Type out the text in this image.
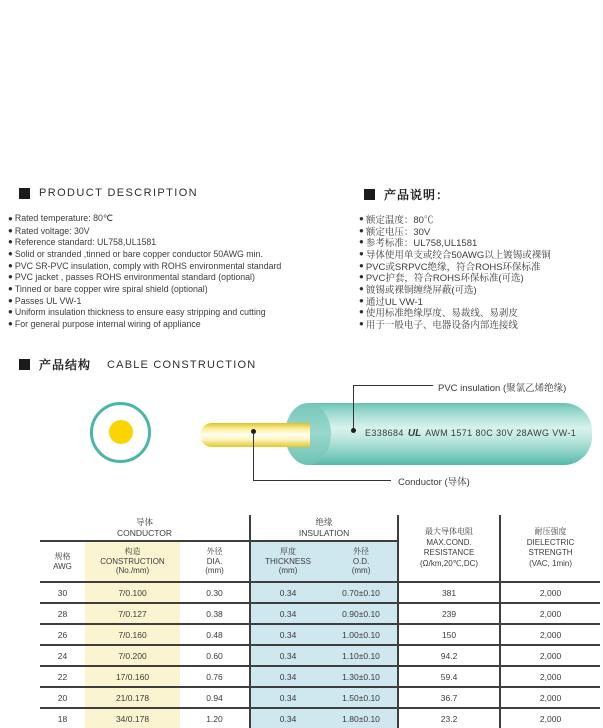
PRODUCT DESCRIPTION	产品说明：
● Rated temperature: 80℃
● Rated voltage: 30V
● Reference standard: UL758,UL1581
● Solid or stranded ,tinned or bare copper conductor 50AWG min.
● PVC SR-PVC insulation, comply with ROHS environmental standard
● PVC jacket , passes ROHS environmental standard (optional)
● Tinned or bare copper wire spiral shield (optional)
● Passes UL VW-1
● Uniform insulation thickness to ensure easy stripping and cutting
● For general purpose internal wiring of appliance
● 额定温度：80℃
● 额定电压：30V
● 参考标准：UL758,UL1581
● 导体使用单支或绞合50AWG以上镀锡或裸铜
● PVC或SRPVC绝缘，符合ROHS环保标准
● PVC护套，符合ROHS环保标准(可选)
● 镀锡或裸铜缠绕屏蔽(可选)
● 通过UL VW-1
● 使用标准绝缘厚度、易裁线、易剥皮
● 用于一般电子、电器设备内部连接线
产品结构 CABLE CONSTRUCTION
E338684 UL AWM 1571 80C 30V 28AWG VW-1
PVC insulation (聚氯乙烯绝缘)
Conductor (导体)
导体
CONDUCTOR

绝缘
INSULATION	最大导体电阻
MAX.COND.
RESISTANCE
(Ω/km,20℃,DC)

耐压强度
DIELECTRIC
STRENGTH
(VAC, 1min)

规格
AWG

构造
CONSTRUCTION
(No./mm)

外径
DIA.
(mm)

厚度
THICKNESS
(mm)

外径
O.D.
(mm)

30	7/0.100	0.30	0.34	0.70±0.10	381	2,000
28	7/0.127	0.38	0.34	0.90±0.10	239	2,000
26	7/0.160	0.48	0.34	1.00±0.10	150	2,000
24	7/0.200	0.60	0.34	1.10±0.10	94.2	2,000
22	17/0.160	0.76	0.34	1.30±0.10	59.4	2,000
20	21/0.178	0.94	0.34	1.50±0.10	36.7	2,000
18	34/0.178	1.20	0.34	1.80±0.10	23.2	2,000
